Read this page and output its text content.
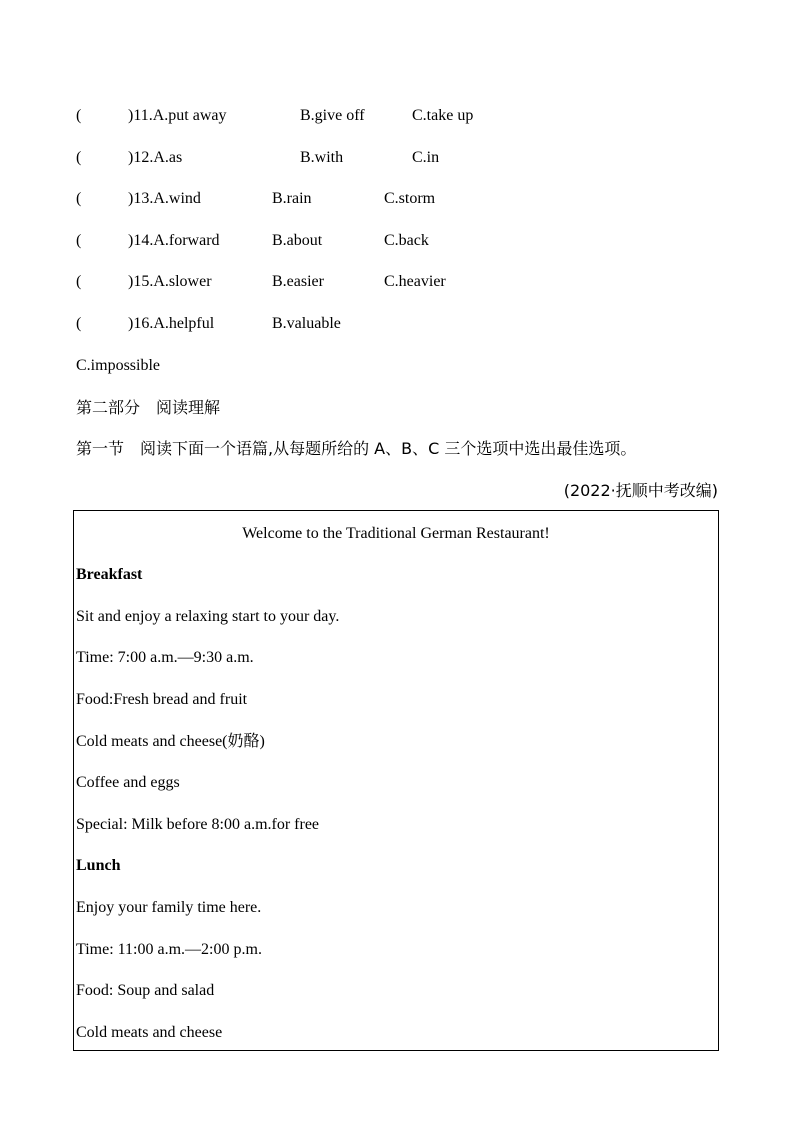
(	)11.A.put away	B.give off	C.take up
(	)12.A.as	B.with	C.in
(	)13.A.wind	B.rain	C.storm
(	)14.A.forward	B.about	C.back
(	)15.A.slower	B.easier	C.heavier
(	)16.A.helpful	B.valuable
C.impossible
第二部分　阅读理解
第一节　阅读下面一个语篇,从每题所给的 A、B、C 三个选项中选出最佳选项。
(2022·抚顺中考改编)
Welcome to the Traditional German Restaurant!
Breakfast
Sit and enjoy a relaxing start to your day.
Time: 7:00 a.m.—9:30 a.m.
Food:Fresh bread and fruit
Cold meats and cheese(奶酪)
Coffee and eggs
Special: Milk before 8:00 a.m.for free
Lunch
Enjoy your family time here.
Time: 11:00 a.m.—2:00 p.m.
Food: Soup and salad
Cold meats and cheese
